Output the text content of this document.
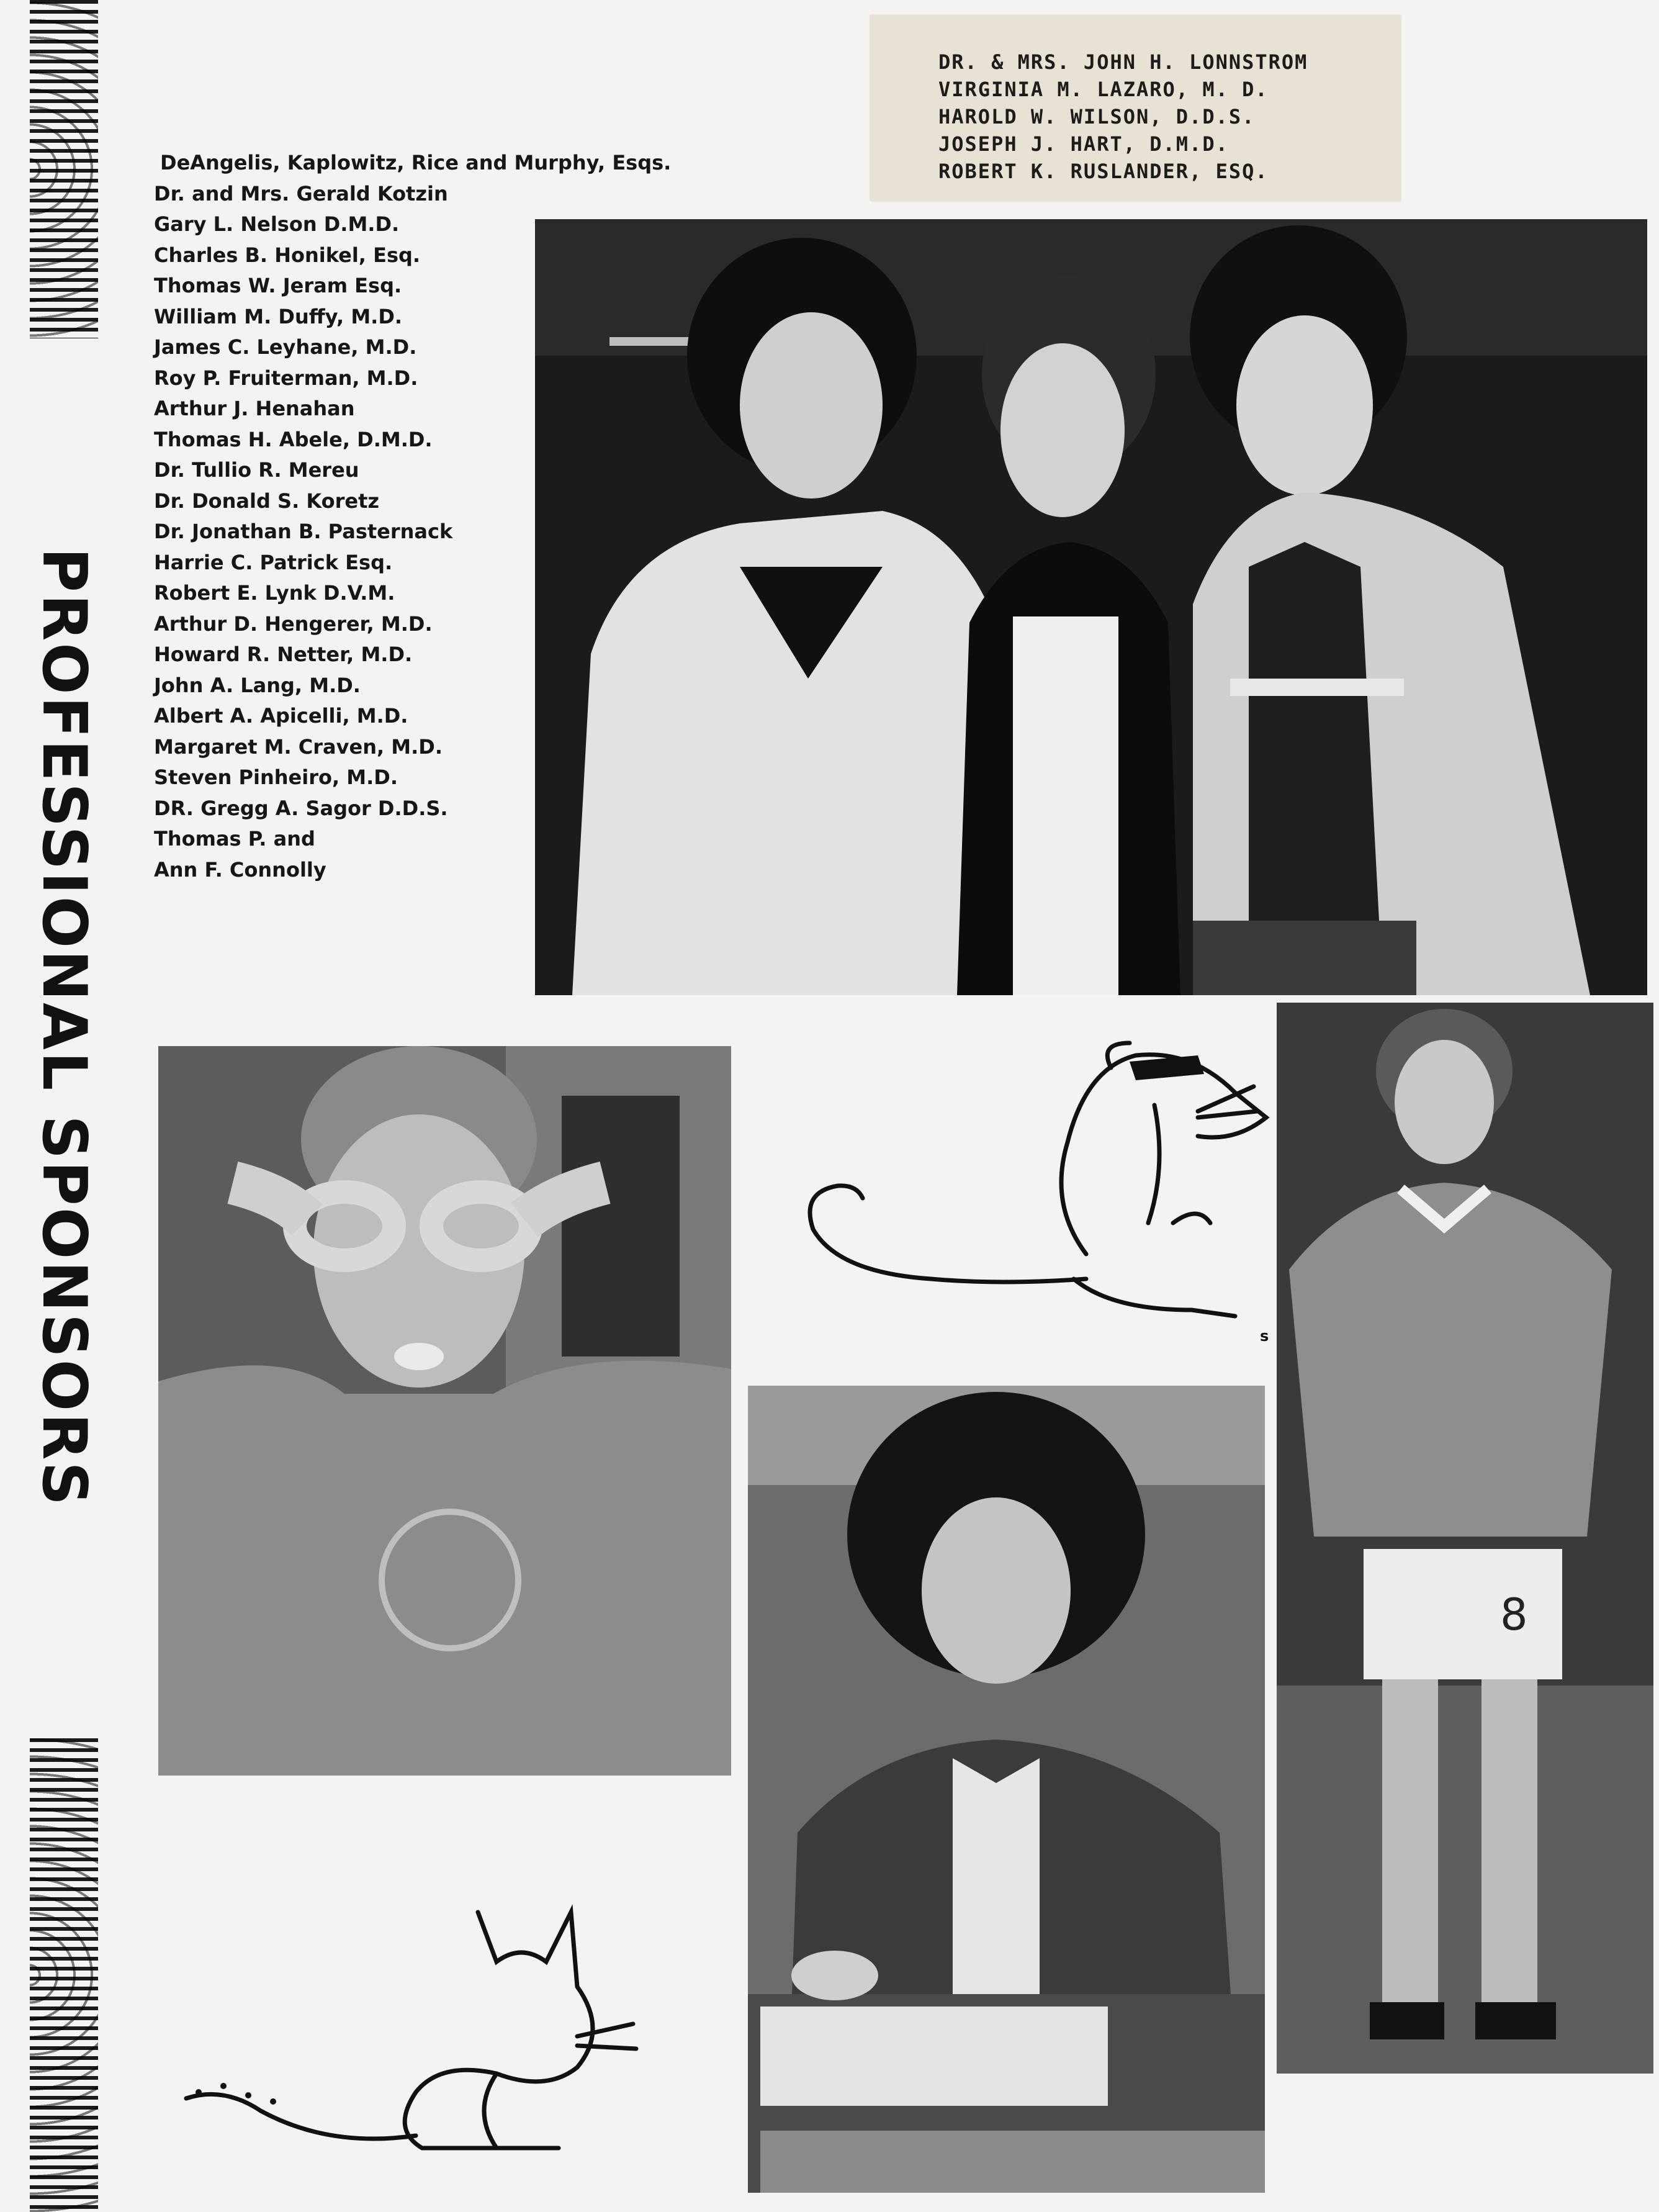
PROFESSIONAL SPONSORS
DR. & MRS. JOHN H. LONNSTROM
VIRGINIA M. LAZARO, M. D.
HAROLD W. WILSON, D.D.S.
JOSEPH J. HART, D.M.D.
ROBERT K. RUSLANDER, ESQ.
DeAngelis, Kaplowitz, Rice and Murphy, Esqs.
Dr. and Mrs. Gerald Kotzin
Gary L. Nelson D.M.D.
Charles B. Honikel, Esq.
Thomas W. Jeram Esq.
William M. Duffy, M.D.
James C. Leyhane, M.D.
Roy P. Fruiterman, M.D.
Arthur J. Henahan
Thomas H. Abele, D.M.D.
Dr. Tullio R. Mereu
Dr. Donald S. Koretz
Dr. Jonathan B. Pasternack
Harrie C. Patrick Esq.
Robert E. Lynk D.V.M.
Arthur D. Hengerer, M.D.
Howard R. Netter, M.D.
John A. Lang, M.D.
Albert A. Apicelli, M.D.
Margaret M. Craven, M.D.
Steven Pinheiro, M.D.
DR. Gregg A. Sagor D.D.S.
Thomas P. and
Ann F. Connolly
8
s
